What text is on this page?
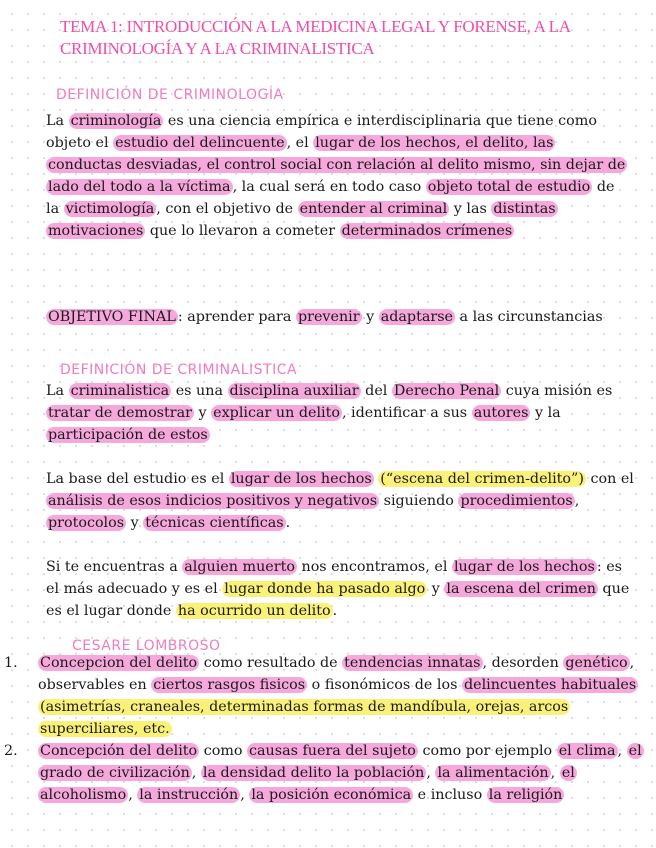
TEMA 1: INTRODUCCIÓN A LA MEDICINA LEGAL Y FORENSE, A LA CRIMINOLOGÍA Y A LA CRIMINALISTICA
DEFINICIÓN DE CRIMINOLOGÍA
La criminología es una ciencia empírica e interdisciplinaria que tiene como objeto el estudio del delincuente , el lugar de los hechos, el delito, las conductas desviadas, el control social con relación al delito mismo, sin dejar de lado del todo a la víctima , la cual será en todo caso objeto total de estudio de la victimología , con el objetivo de entender al criminal y las distintas motivaciones que lo llevaron a cometer determinados crímenes
OBJETIVO FINAL : aprender para prevenir y adaptarse a las circunstancias
DEFINICIÓN DE CRIMINALISTICA
La criminalistica es una disciplina auxiliar del Derecho Penal cuya misión es tratar de demostrar y explicar un delito , identificar a sus autores y la participación de estos
La base del estudio es el lugar de los hechos (“escena del crimen-delito”) con el análisis de esos indicios positivos y negativos siguiendo procedimientos , protocolos y técnicas científicas .
Si te encuentras a alguien muerto nos encontramos, el lugar de los hechos : es el más adecuado y es el lugar donde ha pasado algo y la escena del crimen que es el lugar donde ha ocurrido un delito .
CESARE LOMBROSO
1. Concepcion del delito como resultado de tendencias innatas , desorden genético , observables en ciertos rasgos fisicos o fisonómicos de los delincuentes habituales (asimetrías, craneales, determinadas formas de mandíbula, orejas, arcos superciliares, etc.
2. Concepción del delito como causas fuera del sujeto como por ejemplo el clima , el grado de civilización , la densidad delito la población , la alimentación , el alcoholismo , la instrucción , la posición económica e incluso la religión
